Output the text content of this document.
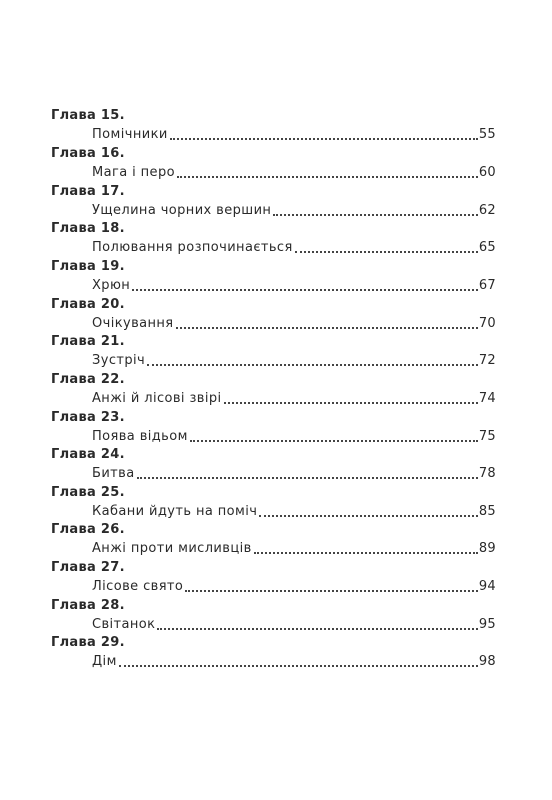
Глава 15.
Помічники	55
Глава 16.
Мага і перо	60
Глава 17.
Ущелина чорних вершин	62
Глава 18.
Полювання розпочинається	65
Глава 19.
Хрюн	67
Глава 20.
Очікування	70
Глава 21.
Зустріч	72
Глава 22.
Анжі й лісові звірі	74
Глава 23.
Поява відьом	75
Глава 24.
Битва	78
Глава 25.
Кабани йдуть на поміч	85
Глава 26.
Анжі проти мисливців	89
Глава 27.
Лісове свято	94
Глава 28.
Світанок	95
Глава 29.
Дім	98
